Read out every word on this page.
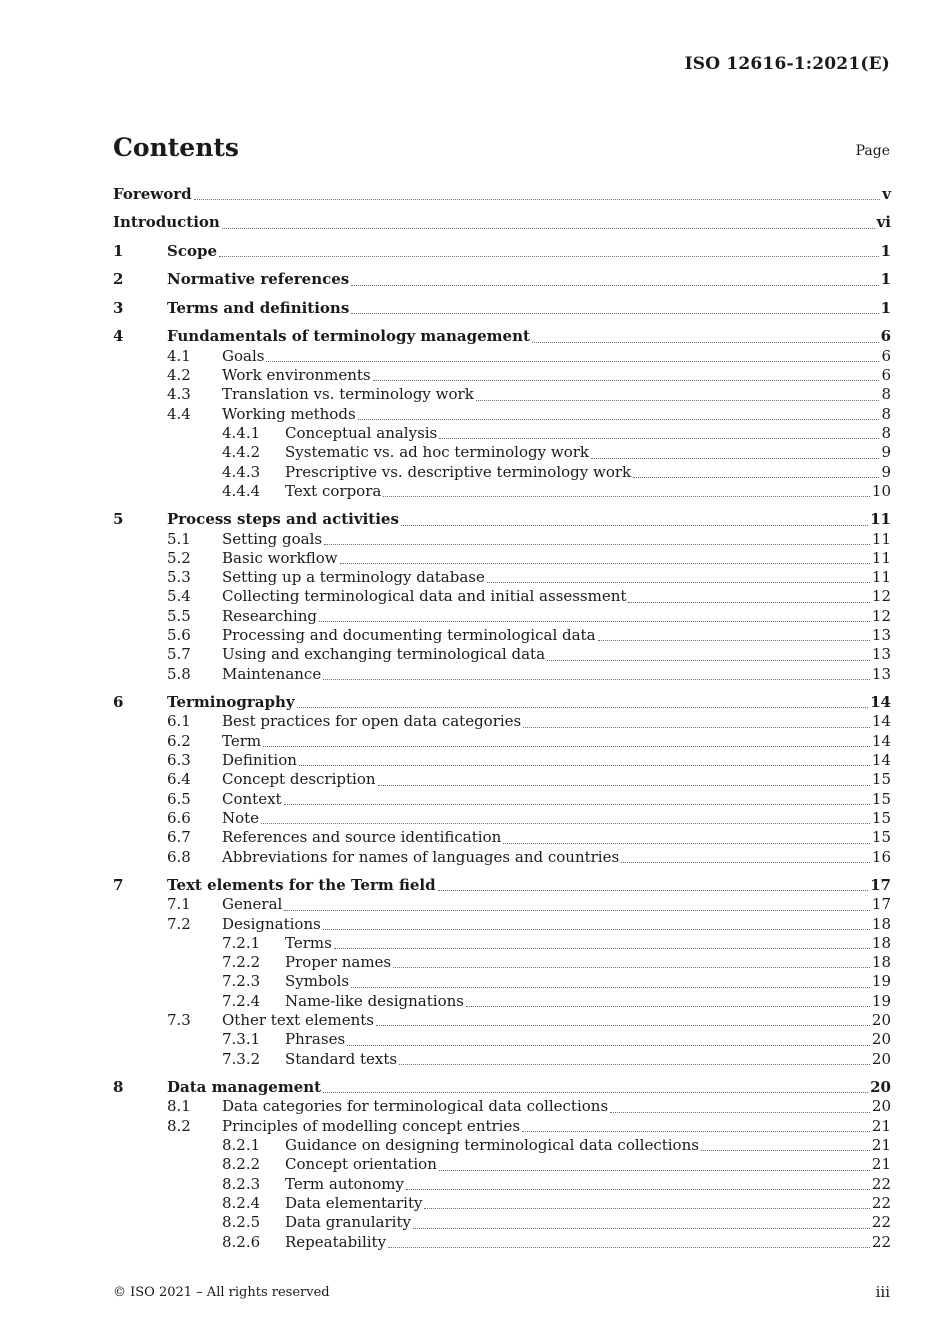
ISO 12616-1:2021(E)
Contents	Page
Foreword	v
Introduction	vi
1	Scope	1
2	Normative references	1
3	Terms and definitions	1
4	Fundamentals of terminology management	6
4.1	Goals	6
4.2	Work environments	6
4.3	Translation vs. terminology work	8
4.4	Working methods	8
4.4.1	Conceptual analysis	8
4.4.2	Systematic vs. ad hoc terminology work	9
4.4.3	Prescriptive vs. descriptive terminology work	9
4.4.4	Text corpora	10
5	Process steps and activities	11
5.1	Setting goals	11
5.2	Basic workflow	11
5.3	Setting up a terminology database	11
5.4	Collecting terminological data and initial assessment	12
5.5	Researching	12
5.6	Processing and documenting terminological data	13
5.7	Using and exchanging terminological data	13
5.8	Maintenance	13
6	Terminography	14
6.1	Best practices for open data categories	14
6.2	Term	14
6.3	Definition	14
6.4	Concept description	15
6.5	Context	15
6.6	Note	15
6.7	References and source identification	15
6.8	Abbreviations for names of languages and countries	16
7	Text elements for the Term field	17
7.1	General	17
7.2	Designations	18
7.2.1	Terms	18
7.2.2	Proper names	18
7.2.3	Symbols	19
7.2.4	Name-like designations	19
7.3	Other text elements	20
7.3.1	Phrases	20
7.3.2	Standard texts	20
8	Data management	20
8.1	Data categories for terminological data collections	20
8.2	Principles of modelling concept entries	21
8.2.1	Guidance on designing terminological data collections	21
8.2.2	Concept orientation	21
8.2.3	Term autonomy	22
8.2.4	Data elementarity	22
8.2.5	Data granularity	22
8.2.6	Repeatability	22
© ISO 2021 – All rights reserved	iii
